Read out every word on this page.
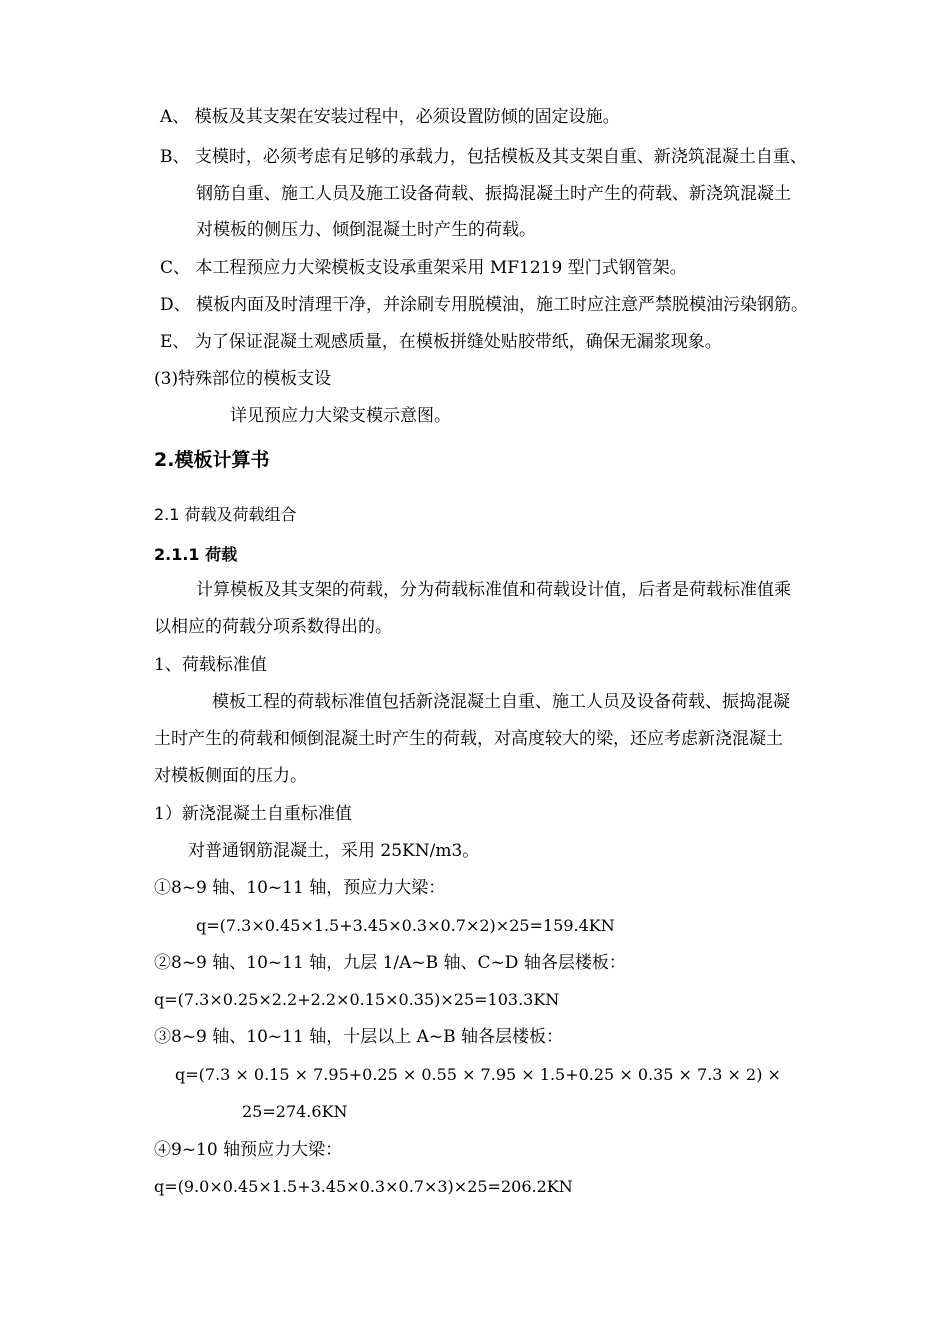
A、 模板及其支架在安装过程中，必须设置防倾的固定设施。
B、 支模时，必须考虑有足够的承载力，包括模板及其支架自重、新浇筑混凝土自重、
钢筋自重、施工人员及施工设备荷载、振捣混凝土时产生的荷载、新浇筑混凝土
对模板的侧压力、倾倒混凝土时产生的荷载。
C、 本工程预应力大梁模板支设承重架采用 MF1219 型门式钢管架。
D、 模板内面及时清理干净，并涂刷专用脱模油，施工时应注意严禁脱模油污染钢筋。
E、 为了保证混凝土观感质量，在模板拼缝处贴胶带纸，确保无漏浆现象。
(3)特殊部位的模板支设
详见预应力大梁支模示意图。
2.模板计算书
2.1 荷载及荷载组合
2.1.1 荷载
计算模板及其支架的荷载，分为荷载标准值和荷载设计值，后者是荷载标准值乘
以相应的荷载分项系数得出的。
1、荷载标准值
模板工程的荷载标准值包括新浇混凝土自重、施工人员及设备荷载、振捣混凝
土时产生的荷载和倾倒混凝土时产生的荷载，对高度较大的梁，还应考虑新浇混凝土
对模板侧面的压力。
1）新浇混凝土自重标准值
对普通钢筋混凝土，采用 25KN/m3。
①8~9 轴、10~11 轴，预应力大梁：
q=(7.3×0.45×1.5+3.45×0.3×0.7×2)×25=159.4KN
②8~9 轴、10~11 轴，九层 1/A~B 轴、C~D 轴各层楼板：
q=(7.3×0.25×2.2+2.2×0.15×0.35)×25=103.3KN
③8~9 轴、10~11 轴，十层以上 A~B 轴各层楼板：
q=(7.3 × 0.15 × 7.95+0.25 × 0.55 × 7.95 × 1.5+0.25 × 0.35 × 7.3 × 2) ×
25=274.6KN
④9~10 轴预应力大梁：
q=(9.0×0.45×1.5+3.45×0.3×0.7×3)×25=206.2KN
